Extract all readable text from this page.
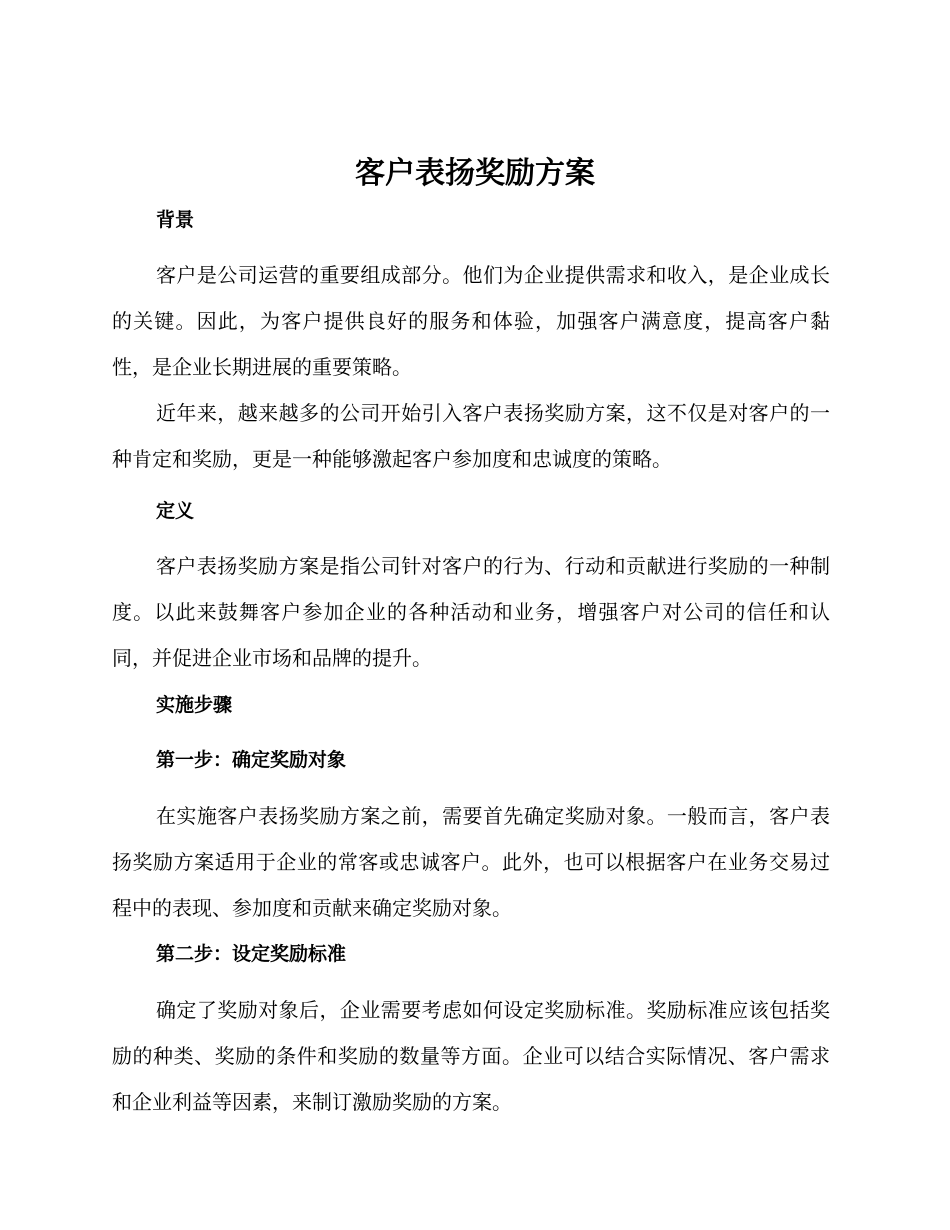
客户表扬奖励方案
背景

客户是公司运营的重要组成部分。他们为企业提供需求和收入，是企业成长的关键。因此，为客户提供良好的服务和体验，加强客户满意度，提高客户黏性，是企业长期进展的重要策略。

近年来，越来越多的公司开始引入客户表扬奖励方案，这不仅是对客户的一种肯定和奖励，更是一种能够激起客户参加度和忠诚度的策略。

定义

客户表扬奖励方案是指公司针对客户的行为、行动和贡献进行奖励的一种制度。以此来鼓舞客户参加企业的各种活动和业务，增强客户对公司的信任和认同，并促进企业市场和品牌的提升。

实施步骤
第一步：确定奖励对象

在实施客户表扬奖励方案之前，需要首先确定奖励对象。一般而言，客户表扬奖励方案适用于企业的常客或忠诚客户。此外，也可以根据客户在业务交易过程中的表现、参加度和贡献来确定奖励对象。

第二步：设定奖励标准

确定了奖励对象后，企业需要考虑如何设定奖励标准。奖励标准应该包括奖励的种类、奖励的条件和奖励的数量等方面。企业可以结合实际情况、客户需求和企业利益等因素，来制订激励奖励的方案。
